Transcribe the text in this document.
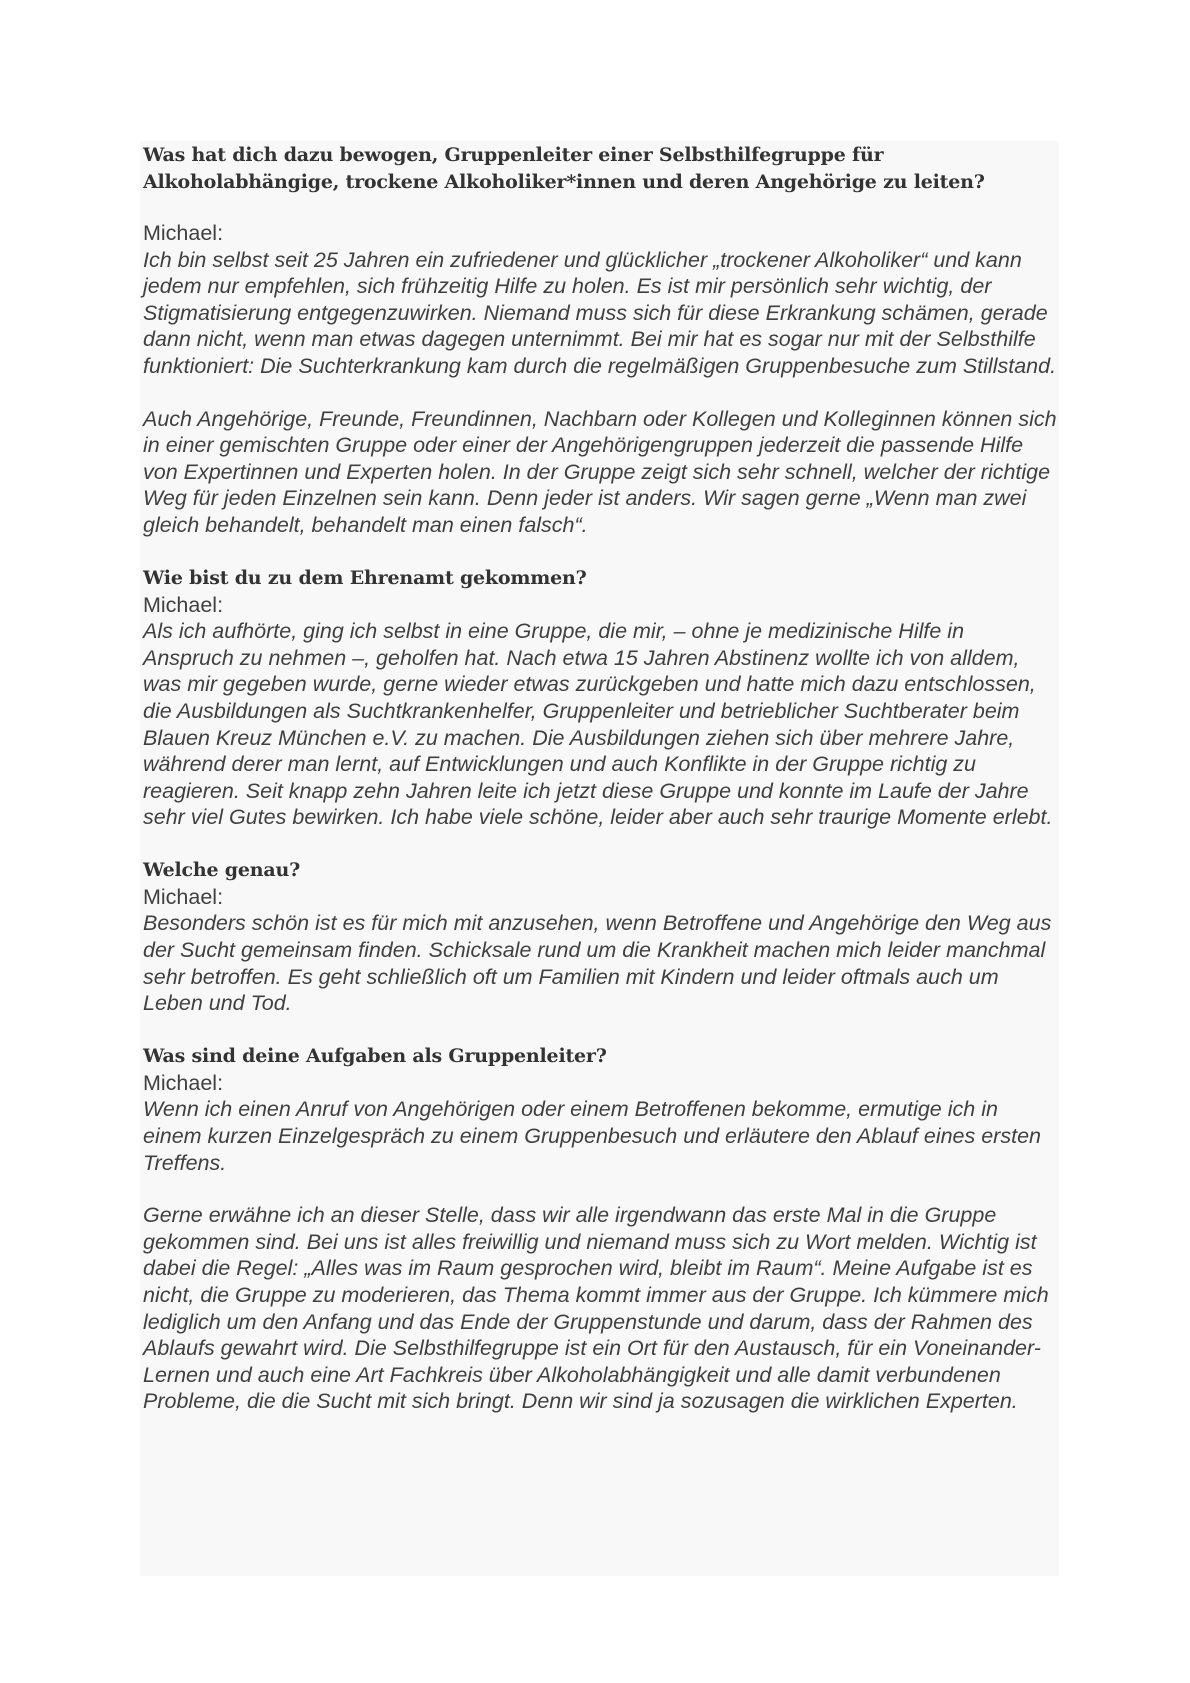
Was hat dich dazu bewogen, Gruppenleiter einer Selbsthilfegruppe für Alkoholabhängige, trockene Alkoholiker*innen und deren Angehörige zu leiten?

Michael:

Ich bin selbst seit 25 Jahren ein zufriedener und glücklicher „trockener Alkoholiker“ und kann jedem nur empfehlen, sich frühzeitig Hilfe zu holen. Es ist mir persönlich sehr wichtig, der Stigmatisierung entgegenzuwirken. Niemand muss sich für diese Erkrankung schämen, gerade dann nicht, wenn man etwas dagegen unternimmt. Bei mir hat es sogar nur mit der Selbsthilfe funktioniert: Die Suchterkrankung kam durch die regelmäßigen Gruppenbesuche zum Stillstand.

Auch Angehörige, Freunde, Freundinnen, Nachbarn oder Kollegen und Kolleginnen können sich in einer gemischten Gruppe oder einer der Angehörigengruppen jederzeit die passende Hilfe von Expertinnen und Experten holen. In der Gruppe zeigt sich sehr schnell, welcher der richtige Weg für jeden Einzelnen sein kann. Denn jeder ist anders. Wir sagen gerne „Wenn man zwei gleich behandelt, behandelt man einen falsch“.

Wie bist du zu dem Ehrenamt gekommen?

Michael:

Als ich aufhörte, ging ich selbst in eine Gruppe, die mir, – ohne je medizinische Hilfe in Anspruch zu nehmen –, geholfen hat. Nach etwa 15 Jahren Abstinenz wollte ich von alldem, was mir gegeben wurde, gerne wieder etwas zurückgeben und hatte mich dazu entschlossen, die Ausbildungen als Suchtkrankenhelfer, Gruppenleiter und betrieblicher Suchtberater beim Blauen Kreuz München e.V. zu machen. Die Ausbildungen ziehen sich über mehrere Jahre, während derer man lernt, auf Entwicklungen und auch Konflikte in der Gruppe richtig zu reagieren. Seit knapp zehn Jahren leite ich jetzt diese Gruppe und konnte im Laufe der Jahre sehr viel Gutes bewirken. Ich habe viele schöne, leider aber auch sehr traurige Momente erlebt.

Welche genau?

Michael:

Besonders schön ist es für mich mit anzusehen, wenn Betroffene und Angehörige den Weg aus der Sucht gemeinsam finden. Schicksale rund um die Krankheit machen mich leider manchmal sehr betroffen. Es geht schließlich oft um Familien mit Kindern und leider oftmals auch um Leben und Tod.

Was sind deine Aufgaben als Gruppenleiter?

Michael:

Wenn ich einen Anruf von Angehörigen oder einem Betroffenen bekomme, ermutige ich in einem kurzen Einzelgespräch zu einem Gruppenbesuch und erläutere den Ablauf eines ersten Treffens.

Gerne erwähne ich an dieser Stelle, dass wir alle irgendwann das erste Mal in die Gruppe gekommen sind. Bei uns ist alles freiwillig und niemand muss sich zu Wort melden. Wichtig ist dabei die Regel: „Alles was im Raum gesprochen wird, bleibt im Raum“. Meine Aufgabe ist es nicht, die Gruppe zu moderieren, das Thema kommt immer aus der Gruppe. Ich kümmere mich lediglich um den Anfang und das Ende der Gruppenstunde und darum, dass der Rahmen des Ablaufs gewahrt wird. Die Selbsthilfegruppe ist ein Ort für den Austausch, für ein Voneinander-Lernen und auch eine Art Fachkreis über Alkoholabhängigkeit und alle damit verbundenen Probleme, die die Sucht mit sich bringt. Denn wir sind ja sozusagen die wirklichen Experten.
